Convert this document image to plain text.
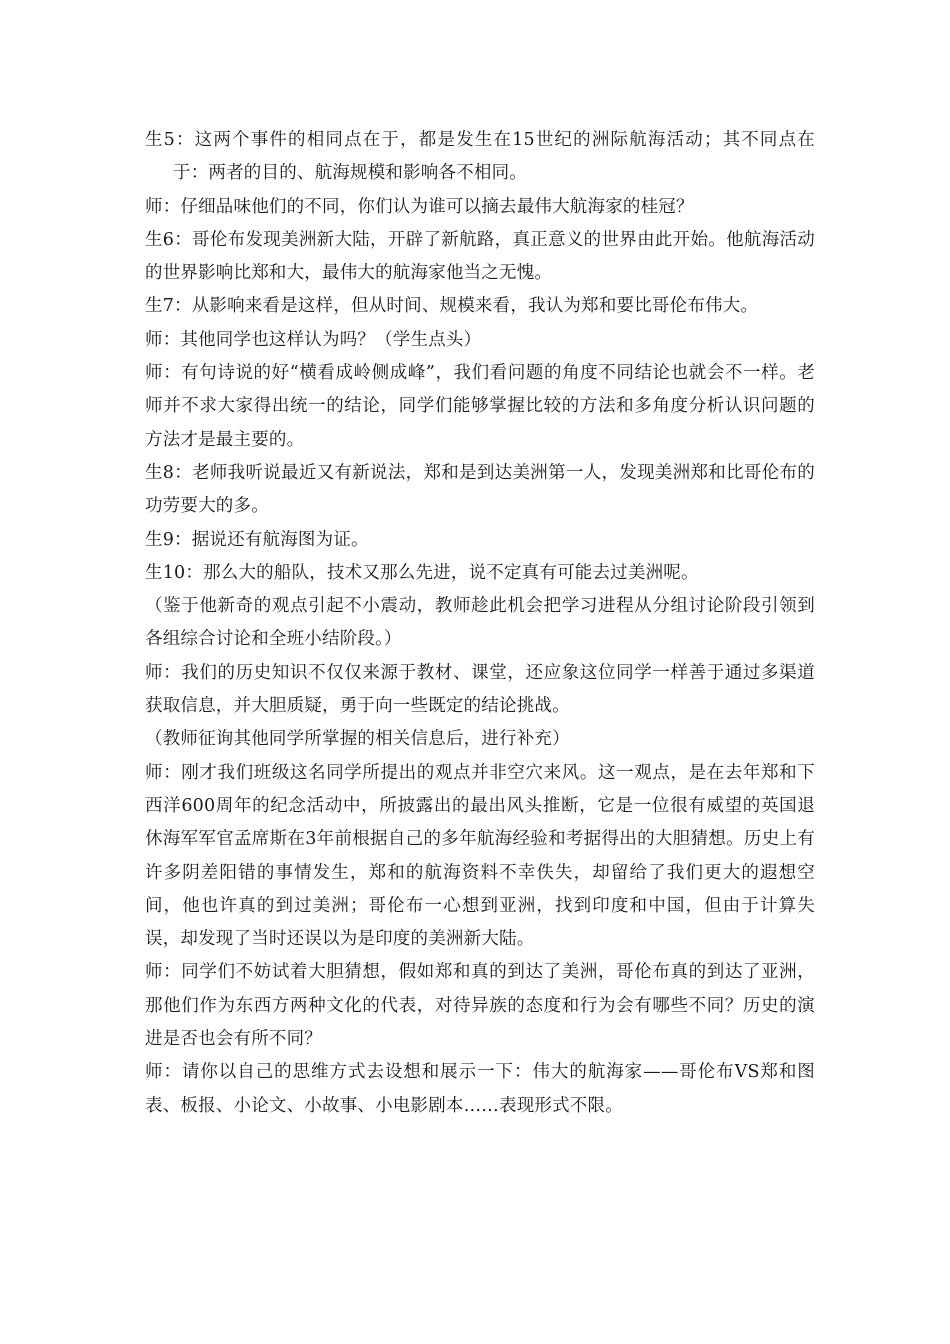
生5：这两个事件的相同点在于，都是发生在15世纪的洲际航海活动；其不同点在于：两者的目的、航海规模和影响各不相同。

师：仔细品味他们的不同，你们认为谁可以摘去最伟大航海家的桂冠？

生6：哥伦布发现美洲新大陆，开辟了新航路，真正意义的世界由此开始。他航海活动的世界影响比郑和大，最伟大的航海家他当之无愧。

生7：从影响来看是这样，但从时间、规模来看，我认为郑和要比哥伦布伟大。

师：其他同学也这样认为吗？（学生点头）

师：有句诗说的好“横看成岭侧成峰”，我们看问题的角度不同结论也就会不一样。老师并不求大家得出统一的结论，同学们能够掌握比较的方法和多角度分析认识问题的方法才是最主要的。

生8：老师我听说最近又有新说法，郑和是到达美洲第一人，发现美洲郑和比哥伦布的功劳要大的多。

生9：据说还有航海图为证。

生10：那么大的船队，技术又那么先进，说不定真有可能去过美洲呢。

（鉴于他新奇的观点引起不小震动，教师趁此机会把学习进程从分组讨论阶段引领到各组综合讨论和全班小结阶段。）

师：我们的历史知识不仅仅来源于教材、课堂，还应象这位同学一样善于通过多渠道获取信息，并大胆质疑，勇于向一些既定的结论挑战。

（教师征询其他同学所掌握的相关信息后，进行补充）

师：刚才我们班级这名同学所提出的观点并非空穴来风。这一观点，是在去年郑和下西洋600周年的纪念活动中，所披露出的最出风头推断，它是一位很有威望的英国退休海军军官孟席斯在3年前根据自己的多年航海经验和考据得出的大胆猜想。历史上有许多阴差阳错的事情发生，郑和的航海资料不幸佚失，却留给了我们更大的遐想空间，他也许真的到过美洲；哥伦布一心想到亚洲，找到印度和中国，但由于计算失误，却发现了当时还误以为是印度的美洲新大陆。

师：同学们不妨试着大胆猜想，假如郑和真的到达了美洲，哥伦布真的到达了亚洲，那他们作为东西方两种文化的代表，对待异族的态度和行为会有哪些不同？历史的演进是否也会有所不同？

师：请你以自己的思维方式去设想和展示一下：伟大的航海家——哥伦布VS郑和图表、板报、小论文、小故事、小电影剧本……表现形式不限。
